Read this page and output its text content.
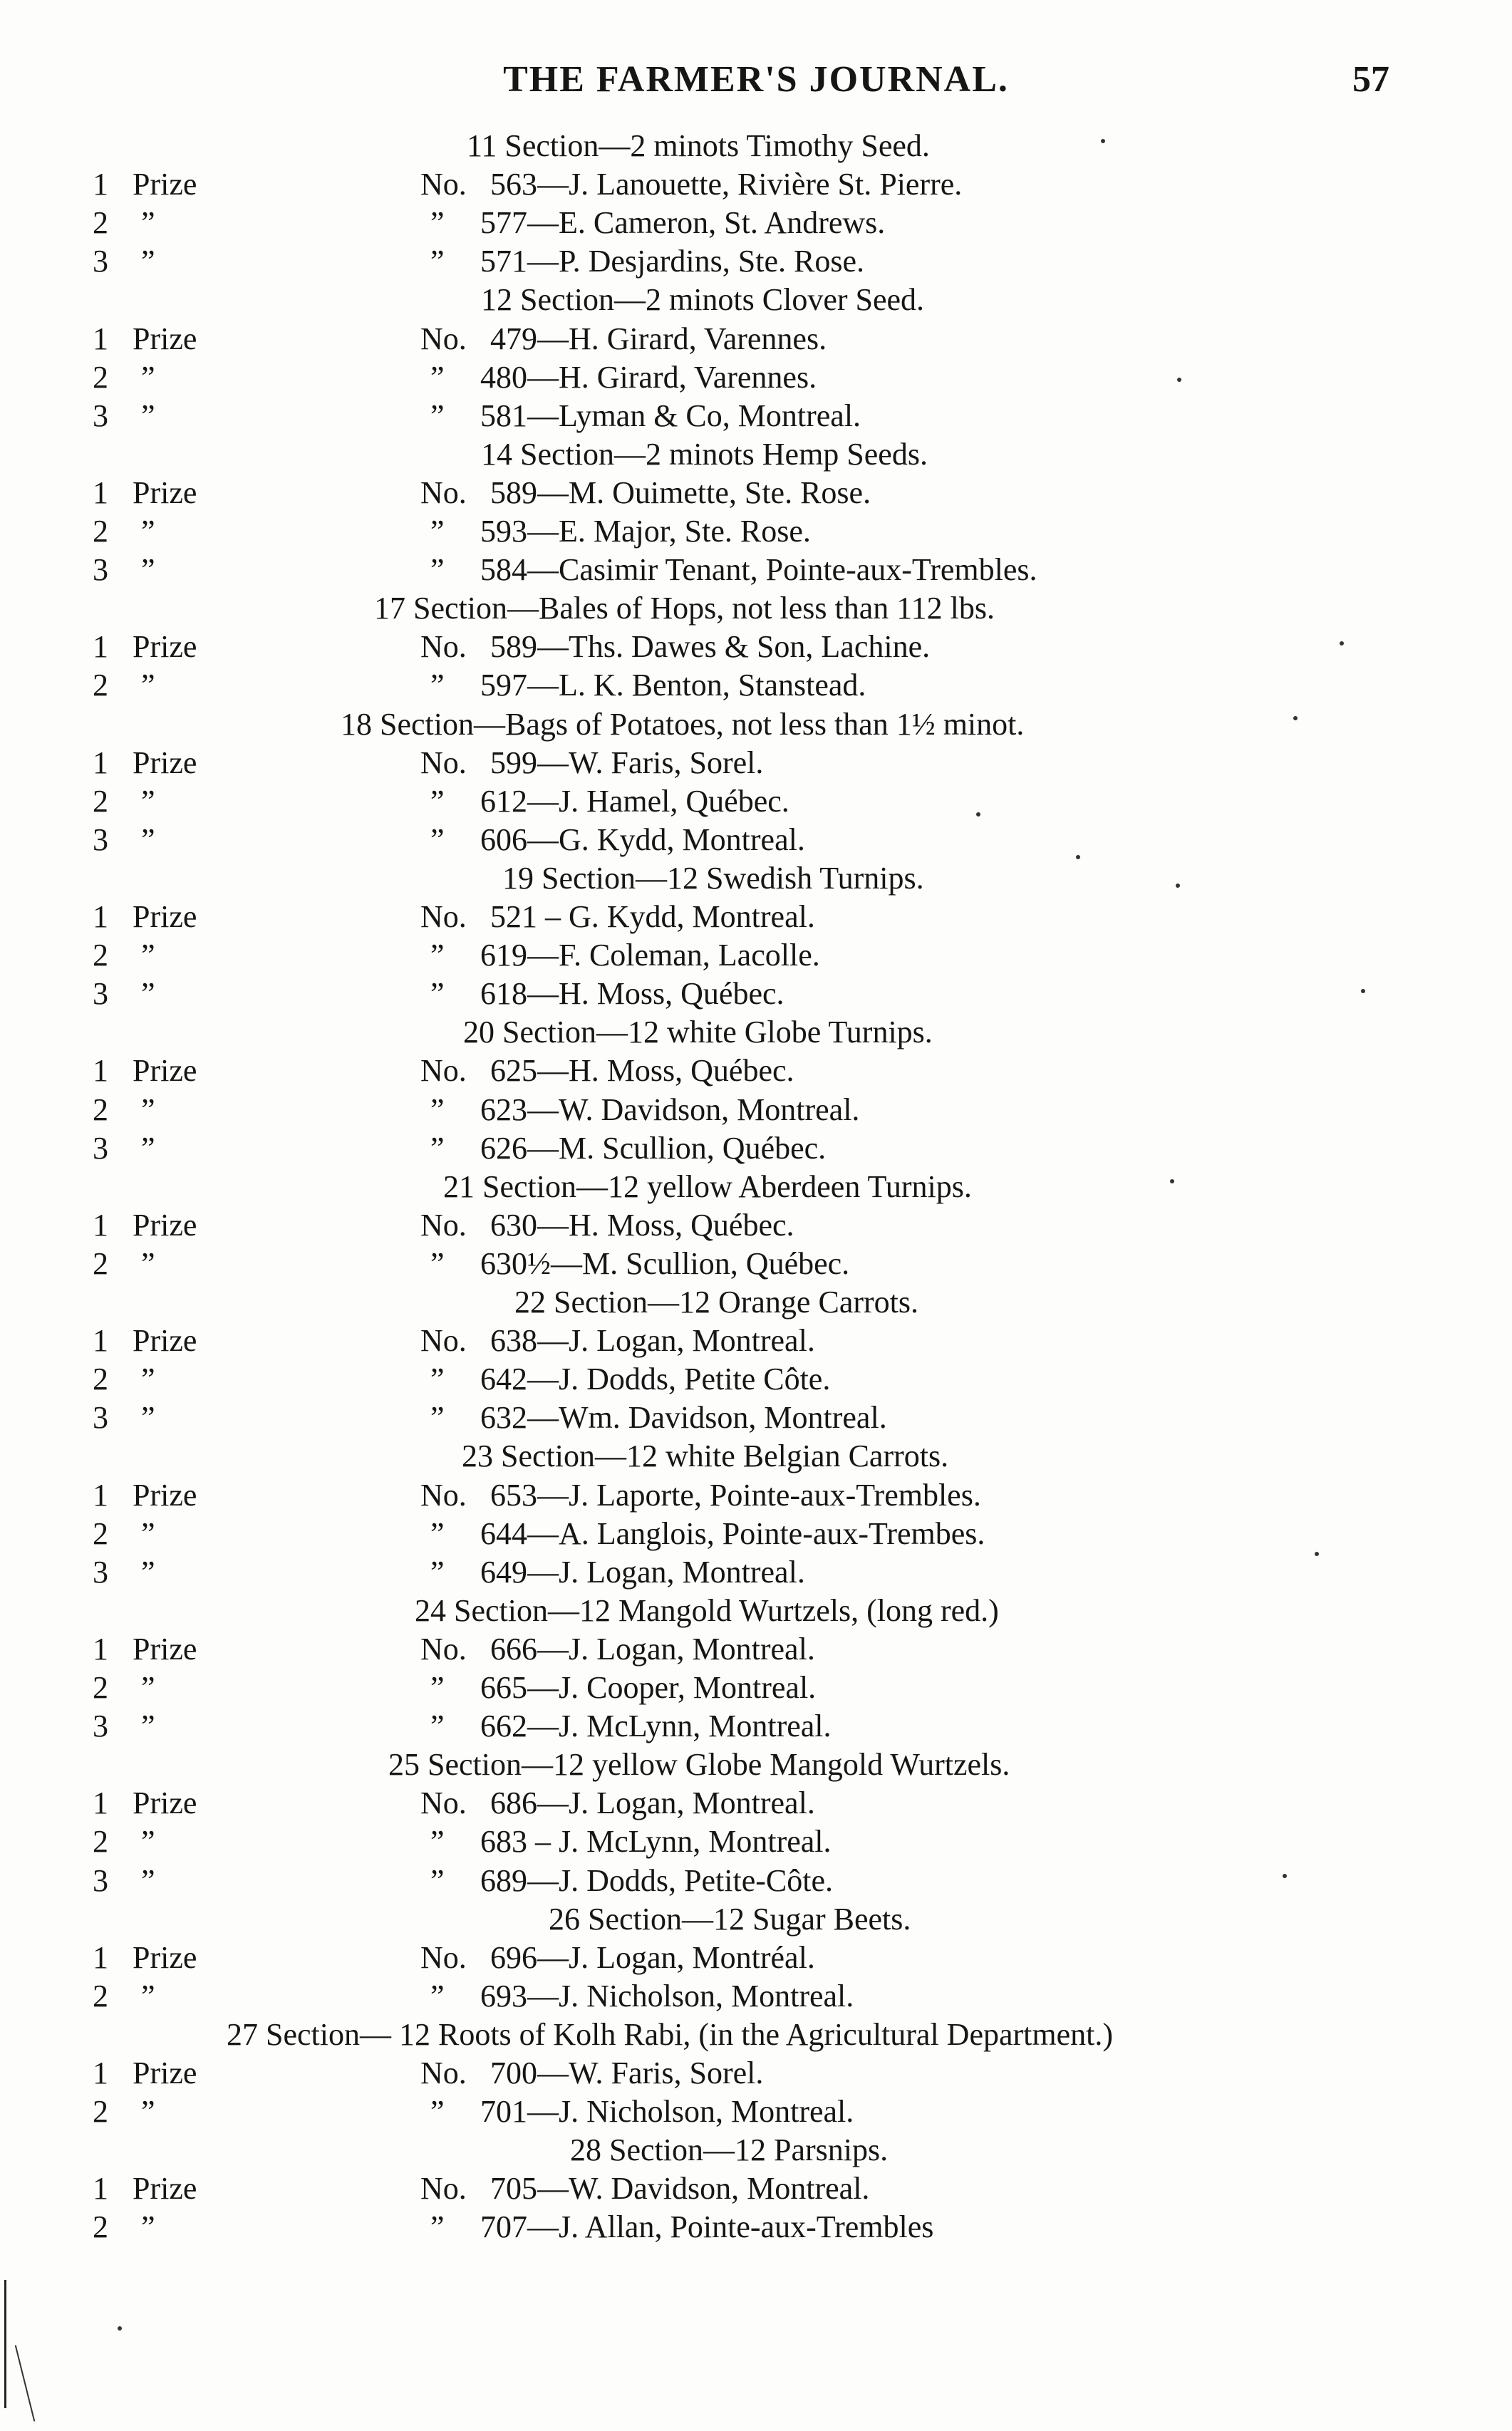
THE FARMER'S JOURNAL.	57
11 Section—2 minots Timothy Seed.
1 Prize	No. 563—J. Lanouette, Rivière St. Pierre.
2 ”	” 577—E. Cameron, St. Andrews.
3 ”	” 571—P. Desjardins, Ste. Rose.
12 Section—2 minots Clover Seed.
1 Prize	No. 479—H. Girard, Varennes.
2 ”	” 480—H. Girard, Varennes.
3 ”	” 581—Lyman & Co, Montreal.
14 Section—2 minots Hemp Seeds.
1 Prize	No. 589—M. Ouimette, Ste. Rose.
2 ”	” 593—E. Major, Ste. Rose.
3 ”	” 584—Casimir Tenant, Pointe-aux-Trembles.
17 Section—Bales of Hops, not less than 112 lbs.
1 Prize	No. 589—Ths. Dawes & Son, Lachine.
2 ”	” 597—L. K. Benton, Stanstead.
18 Section—Bags of Potatoes, not less than 1½ minot.
1 Prize	No. 599—W. Faris, Sorel.
2 ”	” 612—J. Hamel, Québec.
3 ”	” 606—G. Kydd, Montreal.
19 Section—12 Swedish Turnips.
1 Prize	No. 521 – G. Kydd, Montreal.
2 ”	” 619—F. Coleman, Lacolle.
3 ”	” 618—H. Moss, Québec.
20 Section—12 white Globe Turnips.
1 Prize	No. 625—H. Moss, Québec.
2 ”	” 623—W. Davidson, Montreal.
3 ”	” 626—M. Scullion, Québec.
21 Section—12 yellow Aberdeen Turnips.
1 Prize	No. 630—H. Moss, Québec.
2 ”	” 630½—M. Scullion, Québec.
22 Section—12 Orange Carrots.
1 Prize	No. 638—J. Logan, Montreal.
2 ”	” 642—J. Dodds, Petite Côte.
3 ”	” 632—Wm. Davidson, Montreal.
23 Section—12 white Belgian Carrots.
1 Prize	No. 653—J. Laporte, Pointe-aux-Trembles.
2 ”	” 644—A. Langlois, Pointe-aux-Trembes.
3 ”	” 649—J. Logan, Montreal.
24 Section—12 Mangold Wurtzels, (long red.)
1 Prize	No. 666—J. Logan, Montreal.
2 ”	” 665—J. Cooper, Montreal.
3 ”	” 662—J. McLynn, Montreal.
25 Section—12 yellow Globe Mangold Wurtzels.
1 Prize	No. 686—J. Logan, Montreal.
2 ”	” 683 – J. McLynn, Montreal.
3 ”	” 689—J. Dodds, Petite-Côte.
26 Section—12 Sugar Beets.
1 Prize	No. 696—J. Logan, Montréal.
2 ”	” 693—J. Nicholson, Montreal.
27 Section— 12 Roots of Kolh Rabi, (in the Agricultural Department.)
1 Prize	No. 700—W. Faris, Sorel.
2 ”	” 701—J. Nicholson, Montreal.
28 Section—12 Parsnips.
1 Prize	No. 705—W. Davidson, Montreal.
2 ”	” 707—J. Allan, Pointe-aux-Trembles
